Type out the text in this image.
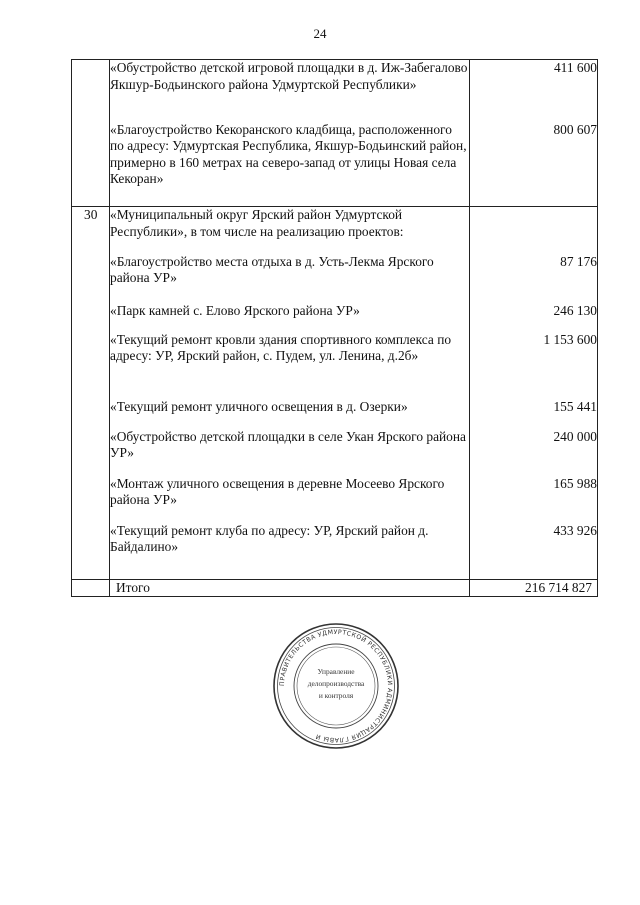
24
	«Обустройство детской игровой площадки в д. Иж-Забегалово Якшур-Бодьинского района Удмуртской Республики»	411 600
	«Благоустройство Кекоранского кладбища, расположенного по адресу: Удмуртская Республика, Якшур-Бодьинский район, примерно в 160 метрах на северо-запад от улицы Новая села Кекоран»	800 607
30	«Муниципальный округ Ярский район Удмуртской Республики», в том числе на реализацию проектов:	
	«Благоустройство места отдыха в д. Усть-Лекма Ярского района УР»	87 176
	«Парк камней с. Елово Ярского района УР»	246 130
	«Текущий ремонт кровли здания спортивного комплекса по адресу: УР, Ярский район, с. Пудем, ул. Ленина, д.2б»	1 153 600
	«Текущий ремонт уличного освещения в д. Озерки»	155 441
	«Обустройство детской площадки в селе Укан Ярского района УР»	240 000
	«Монтаж уличного освещения в деревне Мосеево Ярского района УР»	165 988
	«Текущий ремонт клуба по адресу: УР, Ярский район д. Байдалино»	433 926
	Итого	216 714 827
ПРАВИТЕЛЬСТВА УДМУРТСКОЙ РЕСПУБЛИКИ АДМИНИСТРАЦИЯ ГЛАВЫ И
Управление
делопроизводства
и контроля
